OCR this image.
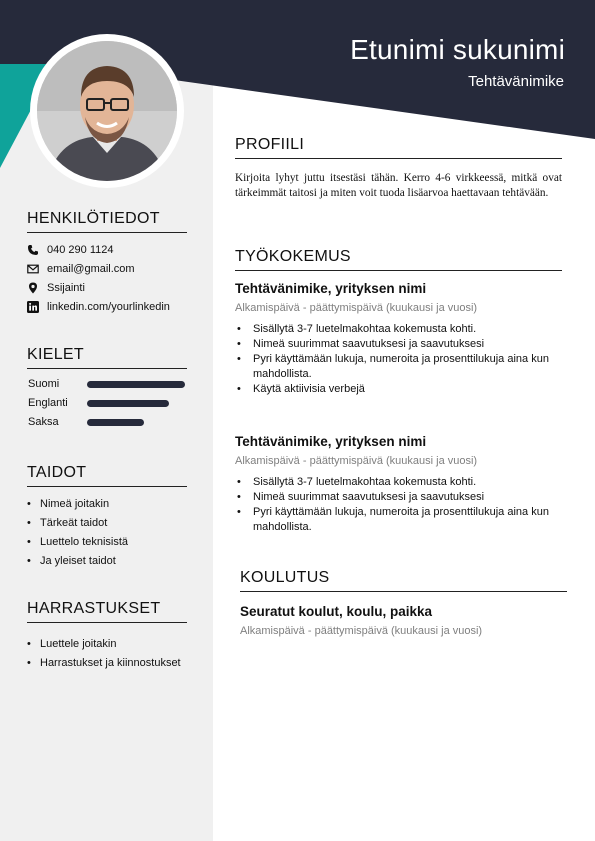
Etunimi sukunimi
Tehtävänimike
HENKILÖTIEDOT
040 290 1124
email@gmail.com
Ssijainti
linkedin.com/yourlinkedin
KIELET
Suomi
Englanti
Saksa
TAIDOT
• Nimeä joitakin
• Tärkeät taidot
• Luettelo teknisistä
• Ja yleiset taidot
HARRASTUKSET
• Luettele joitakin
• Harrastukset ja kiinnostukset
PROFIILI

Kirjoita lyhyt juttu itsestäsi tähän. Kerro 4-6 virkkeessä, mitkä ovat tärkeimmät taitosi ja miten voit tuoda lisäarvoa haettavaan tehtävään.

TYÖKOKEMUS
Tehtävänimike, yrityksen nimi
Alkamispäivä - päättymispäivä (kuukausi ja vuosi)
• Sisällytä 3-7 luetelmakohtaa kokemusta kohti.
• Nimeä suurimmat saavutuksesi ja saavutuksesi
• Pyri käyttämään lukuja, numeroita ja prosenttilukuja aina kun mahdollista.
• Käytä aktiivisia verbejä
Tehtävänimike, yrityksen nimi
Alkamispäivä - päättymispäivä (kuukausi ja vuosi)
• Sisällytä 3-7 luetelmakohtaa kokemusta kohti.
• Nimeä suurimmat saavutuksesi ja saavutuksesi
• Pyri käyttämään lukuja, numeroita ja prosenttilukuja aina kun mahdollista.
KOULUTUS
Seuratut koulut, koulu, paikka
Alkamispäivä - päättymispäivä (kuukausi ja vuosi)
